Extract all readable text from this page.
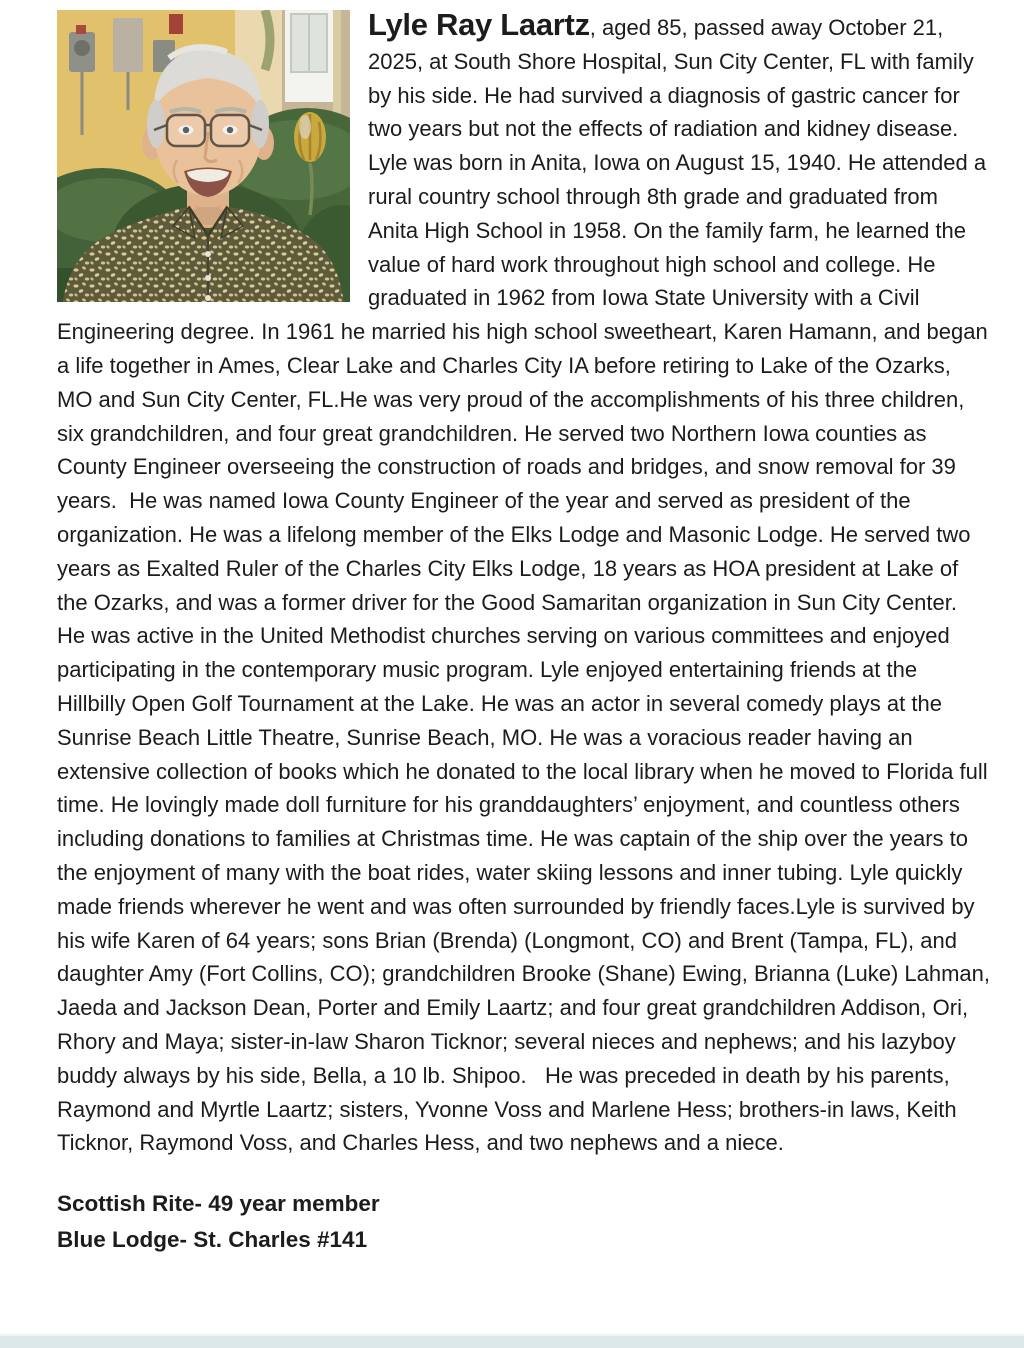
Lyle Ray Laartz, aged 85, passed away October 21, 2025, at South Shore Hospital, Sun City Center, FL with family by his side. He had survived a diagnosis of gastric cancer for two years but not the effects of radiation and kidney disease. Lyle was born in Anita, Iowa on August 15, 1940. He attended a rural country school through 8th grade and graduated from Anita High School in 1958. On the family farm, he learned the value of hard work throughout high school and college. He graduated in 1962 from Iowa State University with a Civil Engineering degree. In 1961 he married his high school sweetheart, Karen Hamann, and began a life together in Ames, Clear Lake and Charles City IA before retiring to Lake of the Ozarks, MO and Sun City Center, FL.He was very proud of the accomplishments of his three children, six grandchildren, and four great grandchildren. He served two Northern Iowa counties as County Engineer overseeing the construction of roads and bridges, and snow removal for 39 years.  He was named Iowa County Engineer of the year and served as president of the organization. He was a lifelong member of the Elks Lodge and Masonic Lodge. He served two years as Exalted Ruler of the Charles City Elks Lodge, 18 years as HOA president at Lake of the Ozarks, and was a former driver for the Good Samaritan organization in Sun City Center. He was active in the United Methodist churches serving on various committees and enjoyed participating in the contemporary music program. Lyle enjoyed entertaining friends at the Hillbilly Open Golf Tournament at the Lake. He was an actor in several comedy plays at the Sunrise Beach Little Theatre, Sunrise Beach, MO. He was a voracious reader having an extensive collection of books which he donated to the local library when he moved to Florida full time. He lovingly made doll furniture for his granddaughters’ enjoyment, and countless others including donations to families at Christmas time. He was captain of the ship over the years to the enjoyment of many with the boat rides, water skiing lessons and inner tubing. Lyle quickly made friends wherever he went and was often surrounded by friendly faces.Lyle is survived by his wife Karen of 64 years; sons Brian (Brenda) (Longmont, CO) and Brent (Tampa, FL), and daughter Amy (Fort Collins, CO); grandchildren Brooke (Shane) Ewing, Brianna (Luke) Lahman, Jaeda and Jackson Dean, Porter and Emily Laartz; and four great grandchildren Addison, Ori, Rhory and Maya; sister-in-law Sharon Ticknor; several nieces and nephews; and his lazyboy buddy always by his side, Bella, a 10 lb. Shipoo.   He was preceded in death by his parents, Raymond and Myrtle Laartz; sisters, Yvonne Voss and Marlene Hess; brothers-in laws, Keith Ticknor, Raymond Voss, and Charles Hess, and two nephews and a niece.

Scottish Rite- 49 year member

Blue Lodge- St. Charles #141
